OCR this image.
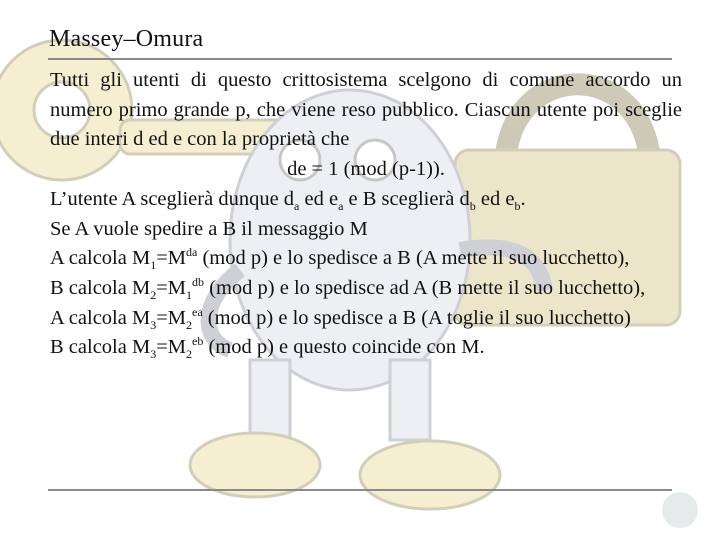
Massey–Omura

Tutti gli utenti di questo crittosistema scelgono di comune accordo un numero primo grande p, che viene reso pubblico. Ciascun utente poi sceglie due interi d ed e con la proprietà che

de = 1 (mod (p-1)).

L’utente A sceglierà dunque $d_a$ ed $e_a$ e B sceglierà $d_b$ ed $e_b$.

Se A vuole spedire a B il messaggio M

A calcola $M_1=M^{da}$ (mod p) e lo spedisce a B (A mette il suo lucchetto),

B calcola $M_2=M_1^{db}$ (mod p) e lo spedisce ad A (B mette il suo lucchetto),

A calcola $M_3=M_2^{ea}$ (mod p) e lo spedisce a B (A toglie il suo lucchetto)

B calcola $M_3=M_2^{eb}$ (mod p) e questo coincide con M.
